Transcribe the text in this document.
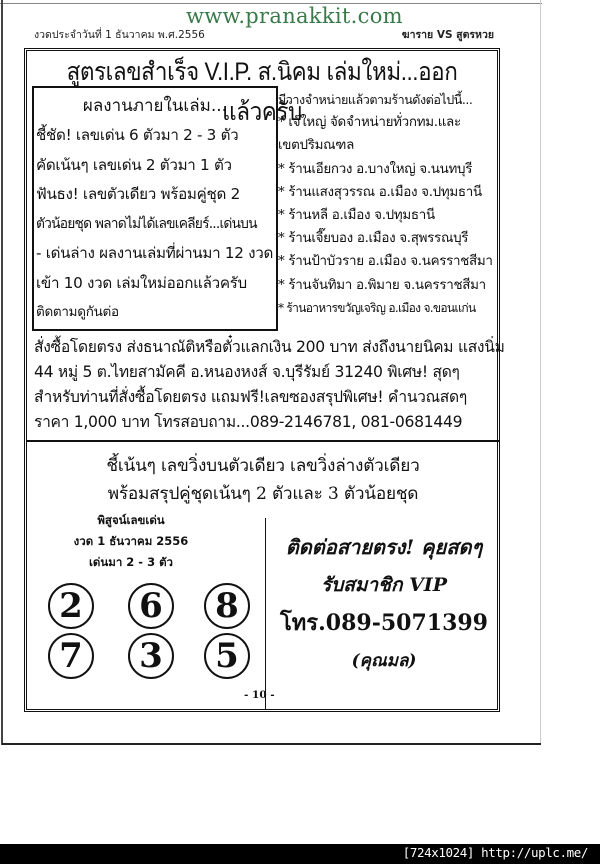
www.pranakkit.com
งวดประจำวันที่ 1 ธันวาคม พ.ศ.2556	ฆาราย VS สูตรหวย
สูตรเลขสำเร็จ V.I.P. ส.นิคม เล่มใหม่...ออกแล้วครับ
ผลงานภายในเล่ม...
ชี้ชัด! เลขเด่น 6 ตัวมา 2 - 3 ตัว
คัดเน้นๆ เลขเด่น 2 ตัวมา 1 ตัว
ฟันธง! เลขตัวเดียว พร้อมคู่ชุด 2
ตัวน้อยชุด พลาดไม่ได้เลขเคลียร์...เด่นบน
- เด่นล่าง ผลงานเล่มที่ผ่านมา 12 งวด
เข้า 10 งวด เล่มใหม่ออกแล้วครับ
ติดตามดูกันต่อ
มีวางจำหน่ายแล้วตามร้านดังต่อไปนี้...
* เจ๊ใหญ่ จัดจำหน่ายทั่วกทม.และ
เขตปริมณฑล
* ร้านเอียกวง อ.บางใหญ่ จ.นนทบุรี
* ร้านแสงสุวรรณ อ.เมือง จ.ปทุมธานี
* ร้านหลี อ.เมือง จ.ปทุมธานี
* ร้านเจี๊ยบอง อ.เมือง จ.สุพรรณบุรี
* ร้านป้าบัวราย อ.เมือง จ.นครราชสีมา
* ร้านจันทิมา อ.พิมาย จ.นครราชสีมา
* ร้านอาหารขวัญเจริญ อ.เมือง จ.ขอนแก่น
สั่งซื้อโดยตรง ส่งธนาณัติหรือตั๋วแลกเงิน 200 บาท ส่งถึงนายนิคม แสงนิ่ม
44 หมู่ 5 ต.ไทยสามัคคี อ.หนองหงส์ จ.บุรีรัมย์ 31240 พิเศษ! สุดๆ
สำหรับท่านที่สั่งซื้อโดยตรง แถมฟรี!เลขซองสรุปพิเศษ! คำนวณสดๆ
ราคา 1,000 บาท โทรสอบถาม...089-2146781, 081-0681449
ชี้เน้นๆ เลขวิ่งบนตัวเดียว เลขวิ่งล่างตัวเดียว
พร้อมสรุปคู่ชุดเน้นๆ 2 ตัวและ 3 ตัวน้อยชุด
พิสูจน์เลขเด่น
งวด 1 ธันวาคม 2556
เด่นมา 2 - 3 ตัว
2	6	8
7	3	5
ติดต่อสายตรง! คุยสดๆ
รับสมาชิก VIP
โทร.089-5071399
(คุณมล)
- 10 -
[724x1024] http://uplc.me/
